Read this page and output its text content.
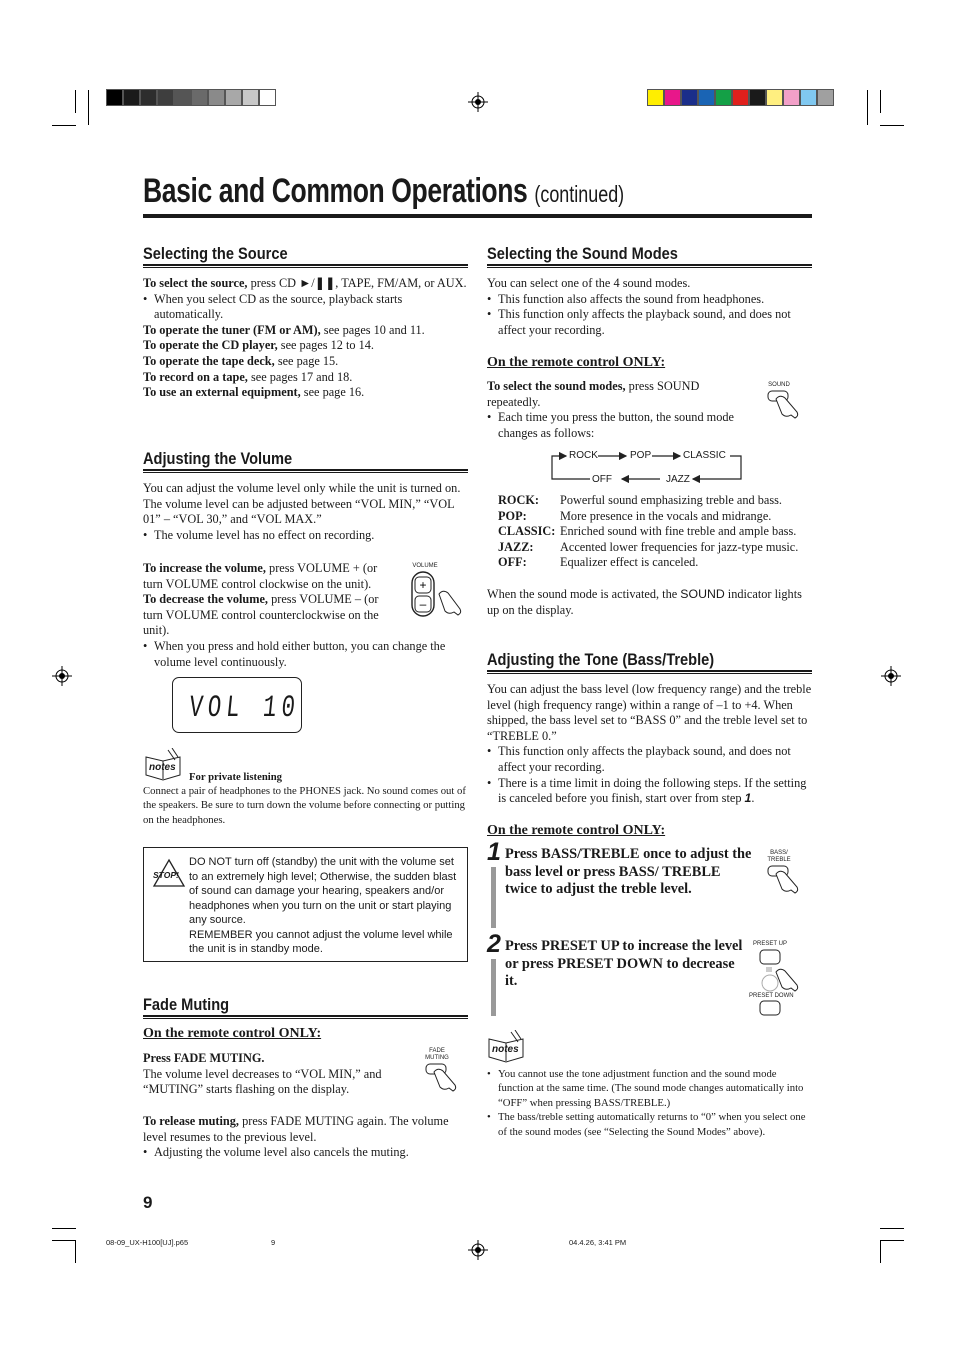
Basic and Common Operations (continued)
Selecting the Source

To select the source, press CD ►/❚❚, TAPE, FM/AM, or AUX.

• When you select CD as the source, playback starts automatically.

To operate the tuner (FM or AM), see pages 10 and 11.

To operate the CD player, see pages 12 to 14.

To operate the tape deck, see page 15.

To record on a tape, see pages 17 and 18.

To use an external equipment, see page 16.

Adjusting the Volume

You can adjust the volume level only while the unit is turned on. The volume level can be adjusted between “VOL MIN,” “VOL 01” – “VOL 30,” and “VOL MAX.”

• The volume level has no effect on recording.

To increase the volume, press VOLUME + (or turn VOLUME control clockwise on the unit).

To decrease the volume, press VOLUME – (or turn VOLUME control counterclockwise on the unit).

• When you press and hold either button, you can change the volume level continuously.
VOLUME
+
–
VOL 10
notes
For private listening
Connect a pair of headphones to the PHONES jack. No sound comes out of the speakers. Be sure to turn down the volume before connecting or putting on the headphones.
STOP!
DO NOT turn off (standby) the unit with the volume set to an extremely high level; Otherwise, the sudden blast of sound can damage your hearing, speakers and/or headphones when you turn on the unit or start playing any source.
REMEMBER you cannot adjust the volume level while the unit is in standby mode.
Fade Muting
On the remote control ONLY:

Press FADE MUTING.

The volume level decreases to “VOL MIN,” and “MUTING” starts flashing on the display.

To release muting, press FADE MUTING again. The volume level resumes to the previous level.

• Adjusting the volume level also cancels the muting.
FADE MUTING
Selecting the Sound Modes

You can select one of the 4 sound modes.

• This function also affects the sound from headphones.
• This function only affects the playback sound, and does not affect your recording.
On the remote control ONLY:

To select the sound modes, press SOUND repeatedly.

• Each time you press the button, the sound mode changes as follows:
SOUND
ROCK	POP	CLASSIC
JAZZ
OFF
ROCK:	Powerful sound emphasizing treble and bass.
POP:	More presence in the vocals and midrange.
CLASSIC:	Enriched sound with fine treble and ample bass.
JAZZ:	Accented lower frequencies for jazz-type music.
OFF:	Equalizer effect is canceled.

When the sound mode is activated, the SOUND indicator lights up on the display.

Adjusting the Tone (Bass/Treble)

You can adjust the bass level (low frequency range) and the treble level (high frequency range) within a range of –1 to +4. When shipped, the bass level set to “BASS 0” and the treble level set to “TREBLE 0.”

• This function only affects the playback sound, and does not affect your recording.
• There is a time limit in doing the following steps. If the setting is canceled before you finish, start over from step 1.
On the remote control ONLY:
1 Press BASS/TREBLE once to adjust the bass level or press BASS/ TREBLE twice to adjust the treble level.
BASS/ TREBLE
2 Press PRESET UP to increase the level or press PRESET DOWN to decrease it.
PRESET UP
PRESET DOWN
notes
• You cannot use the tone adjustment function and the sound mode function at the same time. (The sound mode changes automatically into “OFF” when pressing BASS/TREBLE.)
• The bass/treble setting automatically returns to “0” when you select one of the sound modes (see “Selecting the Sound Modes” above).
9
08-09_UX-H100[UJ].p65	9	04.4.26, 3:41 PM
